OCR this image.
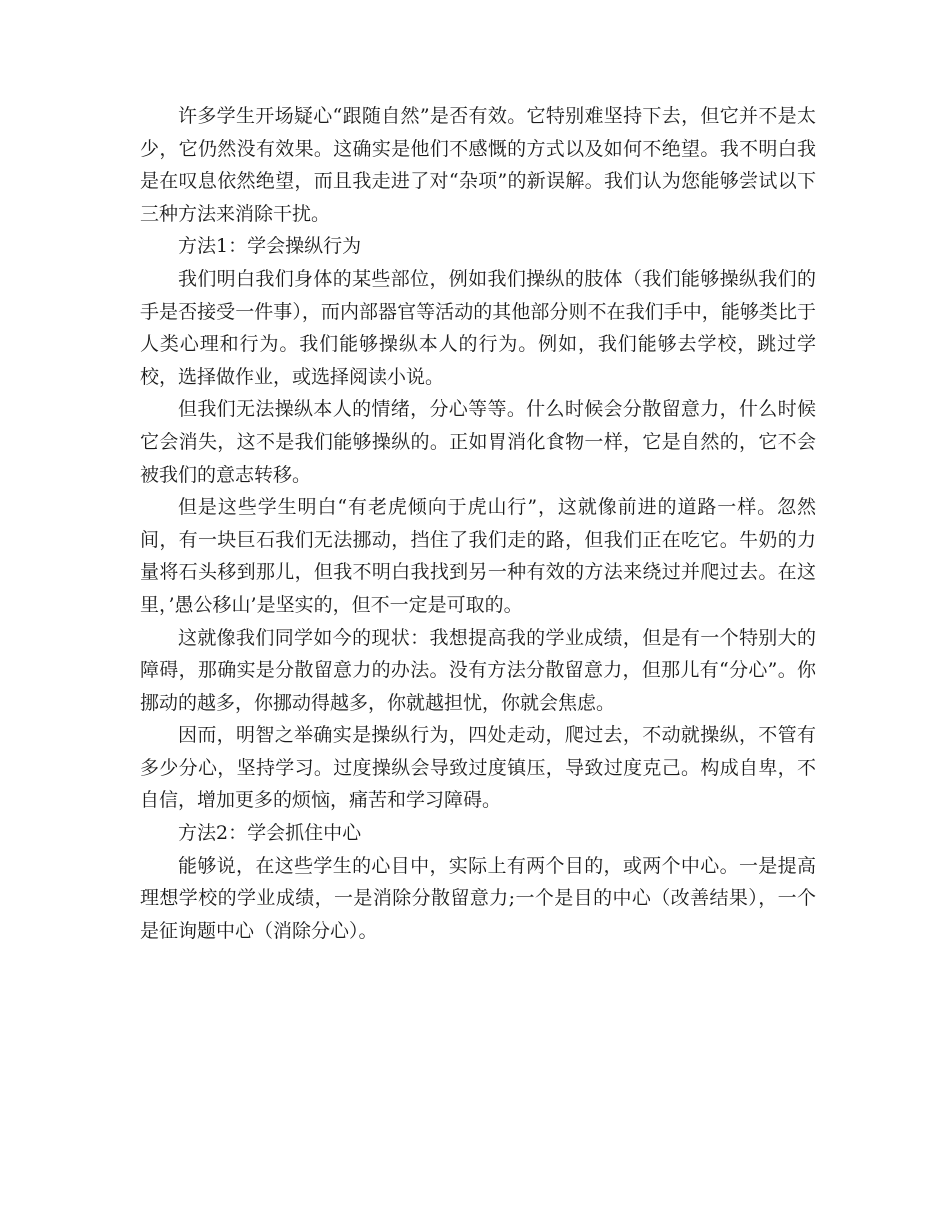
许多学生开场疑心“跟随自然”是否有效。它特别难坚持下去，但它并不是太少，它仍然没有效果。这确实是他们不感慨的方式以及如何不绝望。我不明白我是在叹息依然绝望，而且我走进了对“杂项”的新误解。我们认为您能够尝试以下三种方法来消除干扰。

方法1：学会操纵行为

我们明白我们身体的某些部位，例如我们操纵的肢体（我们能够操纵我们的手是否接受一件事），而内部器官等活动的其他部分则不在我们手中，能够类比于人类心理和行为。我们能够操纵本人的行为。例如，我们能够去学校，跳过学校，选择做作业，或选择阅读小说。

但我们无法操纵本人的情绪，分心等等。什么时候会分散留意力，什么时候它会消失，这不是我们能够操纵的。正如胃消化食物一样，它是自然的，它不会被我们的意志转移。

但是这些学生明白“有老虎倾向于虎山行”，这就像前进的道路一样。忽然间，有一块巨石我们无法挪动，挡住了我们走的路，但我们正在吃它。牛奶的力量将石头移到那儿，但我不明白我找到另一种有效的方法来绕过并爬过去。在这里，’愚公移山’是坚实的，但不一定是可取的。

这就像我们同学如今的现状：我想提高我的学业成绩，但是有一个特别大的障碍，那确实是分散留意力的办法。没有方法分散留意力，但那儿有“分心”。你挪动的越多，你挪动得越多，你就越担忧，你就会焦虑。

因而，明智之举确实是操纵行为，四处走动，爬过去，不动就操纵，不管有多少分心，坚持学习。过度操纵会导致过度镇压，导致过度克己。构成自卑，不自信，增加更多的烦恼，痛苦和学习障碍。

方法2：学会抓住中心

能够说，在这些学生的心目中，实际上有两个目的，或两个中心。一是提高理想学校的学业成绩，一是消除分散留意力;一个是目的中心（改善结果），一个是征询题中心（消除分心）。
